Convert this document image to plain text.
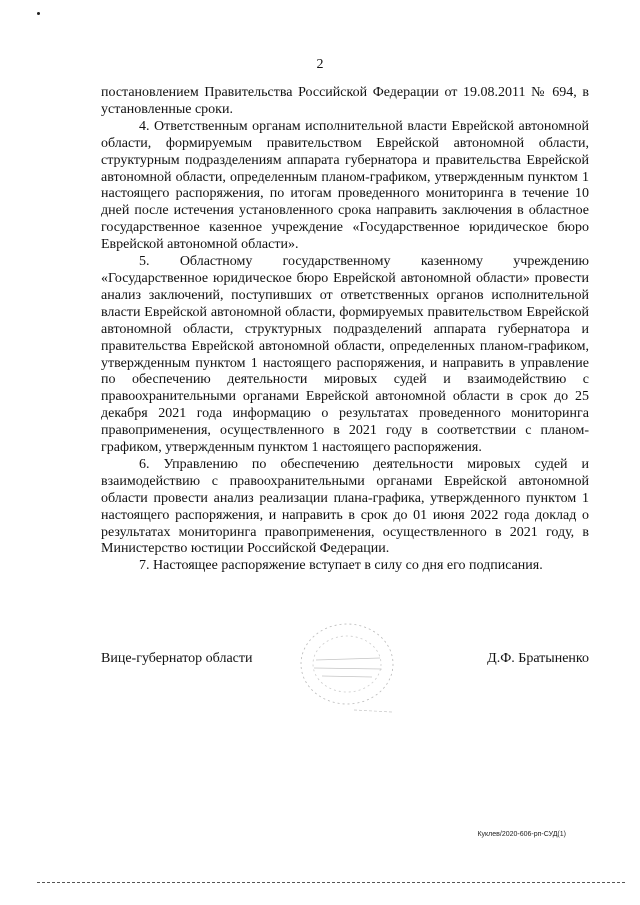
2

постановлением Правительства Российской Федерации от 19.08.2011 № 694, в установленные сроки.

4. Ответственным органам исполнительной власти Еврейской автономной области, формируемым правительством Еврейской автономной области, структурным подразделениям аппарата губернатора и правительства Еврейской автономной области, определенным планом-графиком, утвержденным пунктом 1 настоящего распоряжения, по итогам проведенного мониторинга в течение 10 дней после истечения установленного срока направить заключения в областное государственное казенное учреждение «Государственное юридическое бюро Еврейской автономной области».

5. Областному государственному казенному учреждению «Государственное юридическое бюро Еврейской автономной области» провести анализ заключений, поступивших от ответственных органов исполнительной власти Еврейской автономной области, формируемых правительством Еврейской автономной области, структурных подразделений аппарата губернатора и правительства Еврейской автономной области, определенных планом-графиком, утвержденным пунктом 1 настоящего распоряжения, и направить в управление по обеспечению деятельности мировых судей и взаимодействию с правоохранительными органами Еврейской автономной области в срок до 25 декабря 2021 года информацию о результатах проведенного мониторинга правоприменения, осуществленного в 2021 году в соответствии с планом-графиком, утвержденным пунктом 1 настоящего распоряжения.

6. Управлению по обеспечению деятельности мировых судей и взаимодействию с правоохранительными органами Еврейской автономной области провести анализ реализации плана-графика, утвержденного пунктом 1 настоящего распоряжения, и направить в срок до 01 июня 2022 года доклад о результатах мониторинга правоприменения, осуществленного в 2021 году, в Министерство юстиции Российской Федерации.

7. Настоящее распоряжение вступает в силу со дня его подписания.

Вице-губернатор области	Д.Ф. Братыненко
Куклев/2020-606-рп-СУД(1)
